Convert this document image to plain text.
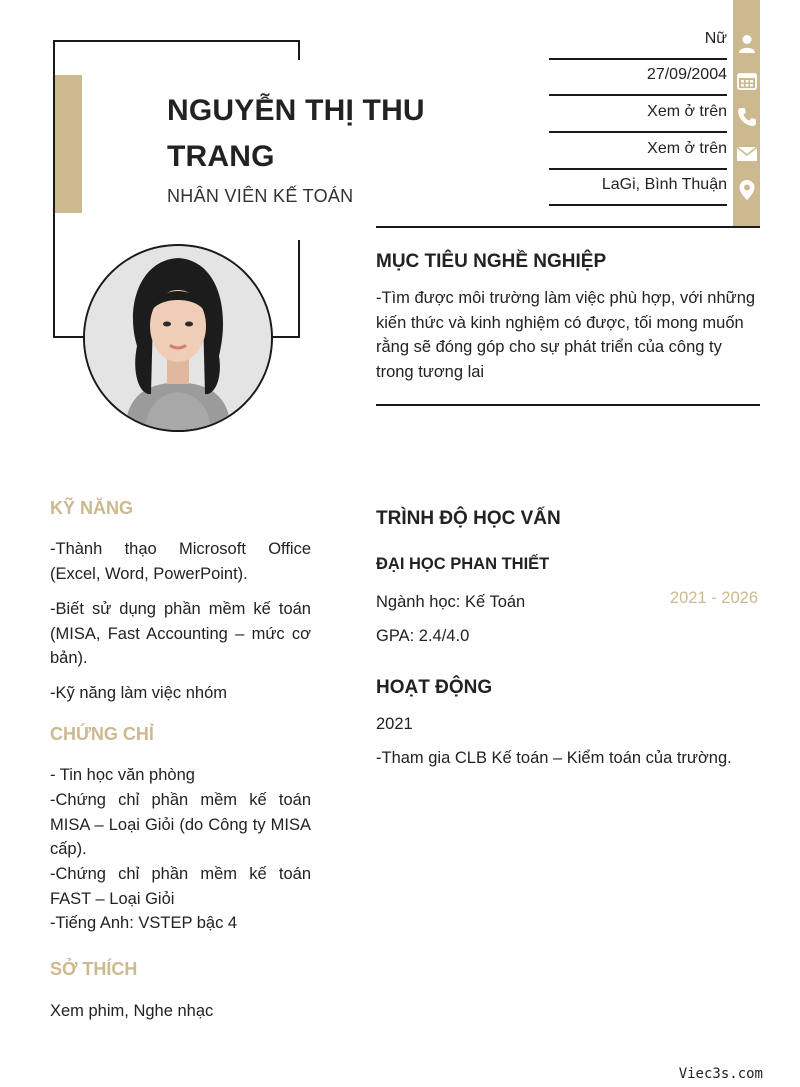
NGUYỄN THỊ THU
TRANG
NHÂN VIÊN KẾ TOÁN
Nữ
27/09/2004
Xem ở trên
Xem ở trên
LaGi, Bình Thuận
MỤC TIÊU NGHỀ NGHIỆP
-Tìm được môi trường làm việc phù hợp, với những kiến thức và kinh nghiệm có được, tối mong muốn rằng sẽ đóng góp cho sự phát triển của công ty trong tương lai
KỸ NĂNG
-Thành thạo Microsoft Office (Excel, Word, PowerPoint).
-Biết sử dụng phần mềm kế toán (MISA, Fast Accounting – mức cơ bản).
-Kỹ năng làm việc nhóm
CHỨNG CHỈ
- Tin học văn phòng
-Chứng chỉ phần mềm kế toán MISA – Loại Giỏi (do Công ty MISA cấp).
-Chứng chỉ phần mềm kế toán FAST – Loại Giỏi
-Tiếng Anh: VSTEP bậc 4
SỞ THÍCH
Xem phim, Nghe nhạc
TRÌNH ĐỘ HỌC VẤN
ĐẠI HỌC PHAN THIẾT
Ngành học: Kế Toán	2021 - 2026
GPA: 2.4/4.0
HOẠT ĐỘNG
2021
-Tham gia CLB Kế toán – Kiểm toán của trường.
Viec3s.com
